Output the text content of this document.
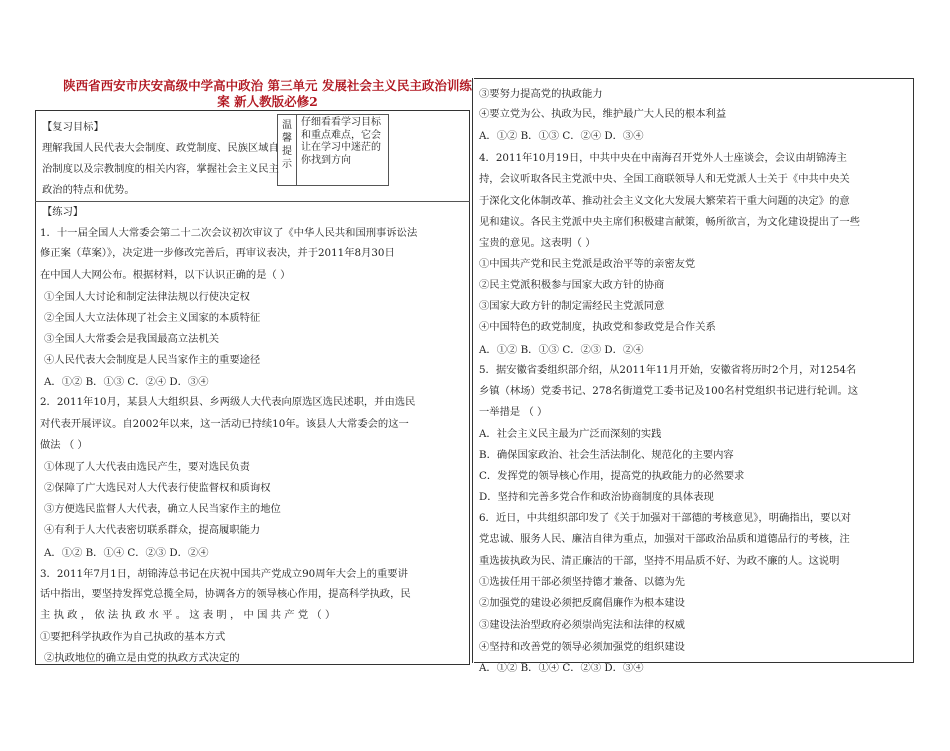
陕西省西安市庆安高级中学高中政治 第三单元 发展社会主义民主政治训练
案 新人教版必修2
温
馨
提
示
仔细看看学习目标和重点难点，它会让在学习中迷茫的你找到方向
【复习目标】
理解我国人民代表大会制度、政党制度、民族区域自
治制度以及宗教制度的相关内容，掌握社会主义民主
政治的特点和优势。
【练习】
1．十一届全国人大常委会第二十二次会议初次审议了《中华人民共和国刑事诉讼法
修正案（草案）》，决定进一步修改完善后，再审议表决，并于2011年8月30日
在中国人大网公布。根据材料，以下认识正确的是（ ）
①全国人大讨论和制定法律法规以行使决定权
②全国人大立法体现了社会主义国家的本质特征
③全国人大常委会是我国最高立法机关
④人民代表大会制度是人民当家作主的重要途径
A．①② B．①③ C．②④ D．③④
2．2011年10月，某县人大组织县、乡两级人大代表向原选区选民述职，并由选民
对代表开展评议。自2002年以来，这一活动已持续10年。该县人大常委会的这一
做法 （ ）
①体现了人大代表由选民产生，要对选民负责
②保障了广大选民对人大代表行使监督权和质询权
③方便选民监督人大代表，确立人民当家作主的地位
④有利于人大代表密切联系群众，提高履职能力
A．①② B．①④ C．②③ D．②④
3．2011年7月1日，胡锦涛总书记在庆祝中国共产党成立90周年大会上的重要讲
话中指出，要坚持发挥党总揽全局，协调各方的领导核心作用，提高科学执政，民
主 执 政 ， 依 法 执 政 水 平 。 这 表 明 ， 中 国 共 产 党 （ ）
①要把科学执政作为自己执政的基本方式
②执政地位的确立是由党的执政方式决定的
③要努力提高党的执政能力
④要立党为公、执政为民，维护最广大人民的根本利益
A．①② B．①③ C．②④ D．③④
4．2011年10月19日，中共中央在中南海召开党外人士座谈会，会议由胡锦涛主
持，会议听取各民主党派中央、全国工商联领导人和无党派人士关于《中共中央关
于深化文化体制改革、推动社会主义文化大发展大繁荣若干重大问题的决定》的意
见和建议。各民主党派中央主席们积极建言献策，畅所欲言，为文化建设提出了一些
宝贵的意见。这表明（ ）
①中国共产党和民主党派是政治平等的亲密友党
②民主党派积极参与国家大政方针的协商
③国家大政方针的制定需经民主党派同意
④中国特色的政党制度，执政党和参政党是合作关系
A．①② B．①③ C．②③ D．②④
5．据安徽省委组织部介绍，从2011年11月开始，安徽省将历时2个月，对1254名
乡镇（林场）党委书记、278名街道党工委书记及100名村党组织书记进行轮训。这
一举措是 （ ）
A．社会主义民主最为广泛而深刻的实践
B．确保国家政治、社会生活法制化、规范化的主要内容
C．发挥党的领导核心作用，提高党的执政能力的必然要求
D．坚持和完善多党合作和政治协商制度的具体表现
6．近日，中共组织部印发了《关于加强对干部德的考核意见》，明确指出，要以对
党忠诚、服务人民、廉洁自律为重点，加强对干部政治品质和道德品行的考核，注
重选拔执政为民、清正廉洁的干部，坚持不用品质不好、为政不廉的人。这说明
①选拔任用干部必须坚持德才兼备、以德为先
②加强党的建设必须把反腐倡廉作为根本建设
③建设法治型政府必须崇尚宪法和法律的权威
④坚持和改善党的领导必须加强党的组织建设
A．①② B．①④ C．②③ D．③④
